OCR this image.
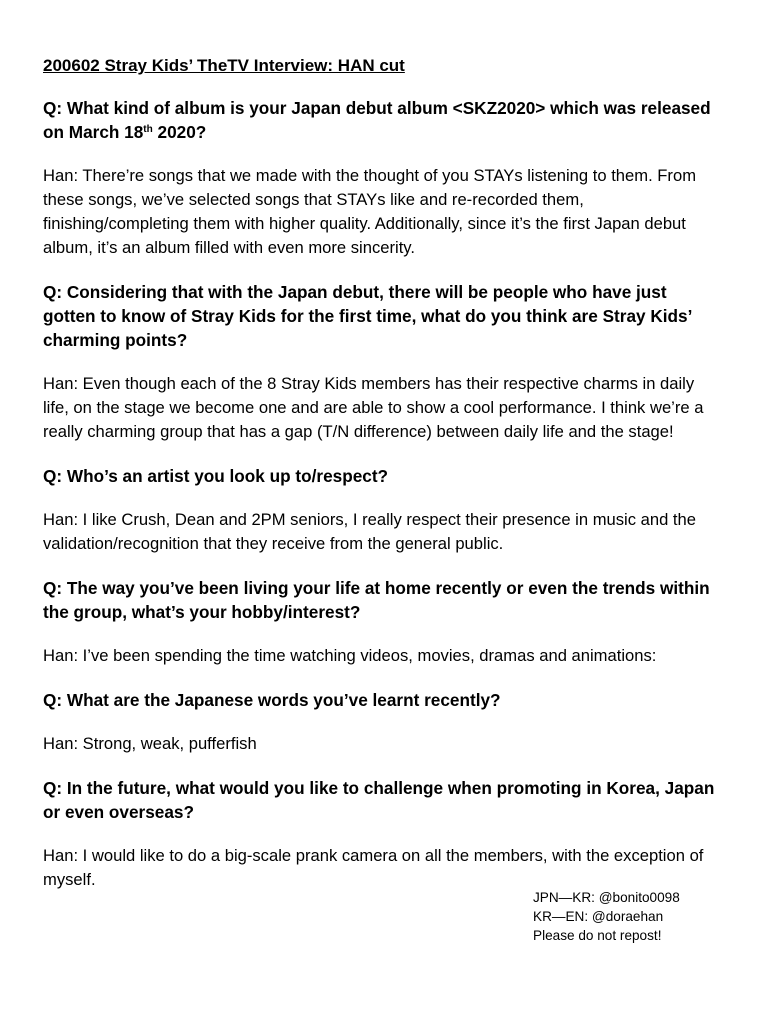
200602 Stray Kids’ TheTV Interview: HAN cut

Q: What kind of album is your Japan debut album <SKZ2020> which was released on March 18th 2020?

Han: There’re songs that we made with the thought of you STAYs listening to them. From these songs, we’ve selected songs that STAYs like and re-recorded them, finishing/completing them with higher quality. Additionally, since it’s the first Japan debut album, it’s an album filled with even more sincerity.

Q: Considering that with the Japan debut, there will be people who have just gotten to know of Stray Kids for the first time, what do you think are Stray Kids’ charming points?

Han: Even though each of the 8 Stray Kids members has their respective charms in daily life, on the stage we become one and are able to show a cool performance. I think we’re a really charming group that has a gap (T/N difference) between daily life and the stage!

Q: Who’s an artist you look up to/respect?

Han: I like Crush, Dean and 2PM seniors, I really respect their presence in music and the validation/recognition that they receive from the general public.

Q: The way you’ve been living your life at home recently or even the trends within the group, what’s your hobby/interest?

Han: I’ve been spending the time watching videos, movies, dramas and animations:

Q: What are the Japanese words you’ve learnt recently?

Han: Strong, weak, pufferfish

Q: In the future, what would you like to challenge when promoting in Korea, Japan or even overseas?

Han: I would like to do a big-scale prank camera on all the members, with the exception of myself.

JPN—KR: @bonito0098
KR—EN: @doraehan
Please do not repost!
